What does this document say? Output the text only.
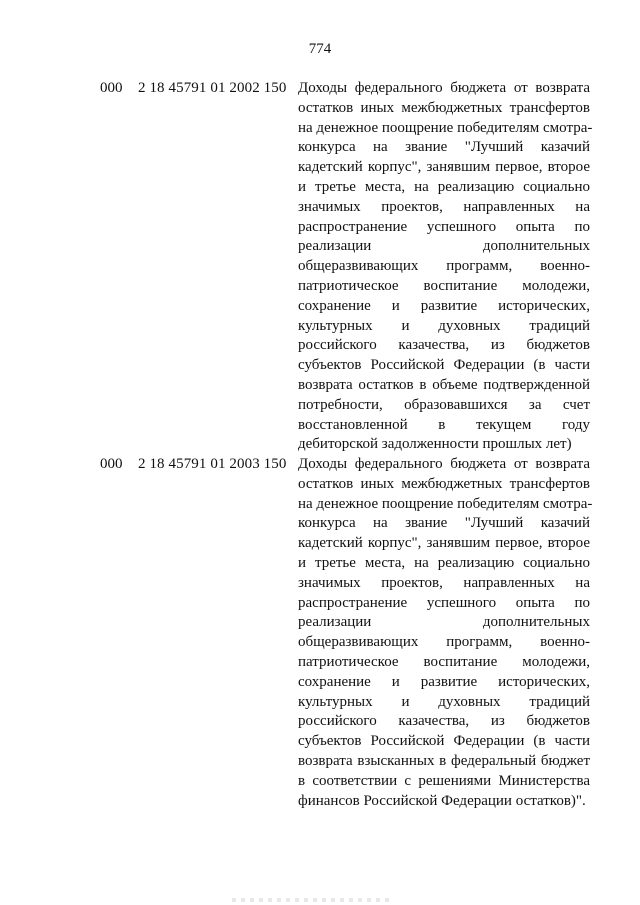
774
000 2 18 45791 01 2002 150 Доходы федерального бюджета от возврата
остатков иных межбюджетных трансфертов
на денежное поощрение победителям смотра-
конкурса на звание "Лучший казачий
кадетский корпус", занявшим первое, второе
и третье места, на реализацию социально
значимых проектов, направленных на
распространение успешного опыта по
реализации дополнительных
общеразвивающих программ, военно-
патриотическое воспитание молодежи,
сохранение и развитие исторических,
культурных и духовных традиций
российского казачества, из бюджетов
субъектов Российской Федерации (в части
возврата остатков в объеме подтвержденной
потребности, образовавшихся за счет
восстановленной в текущем году
дебиторской задолженности прошлых лет)
000 2 18 45791 01 2003 150 Доходы федерального бюджета от возврата
остатков иных межбюджетных трансфертов
на денежное поощрение победителям смотра-
конкурса на звание "Лучший казачий
кадетский корпус", занявшим первое, второе
и третье места, на реализацию социально
значимых проектов, направленных на
распространение успешного опыта по
реализации дополнительных
общеразвивающих программ, военно-
патриотическое воспитание молодежи,
сохранение и развитие исторических,
культурных и духовных традиций
российского казачества, из бюджетов
субъектов Российской Федерации (в части
возврата взысканных в федеральный бюджет
в соответствии с решениями Министерства
финансов Российской Федерации остатков)".
